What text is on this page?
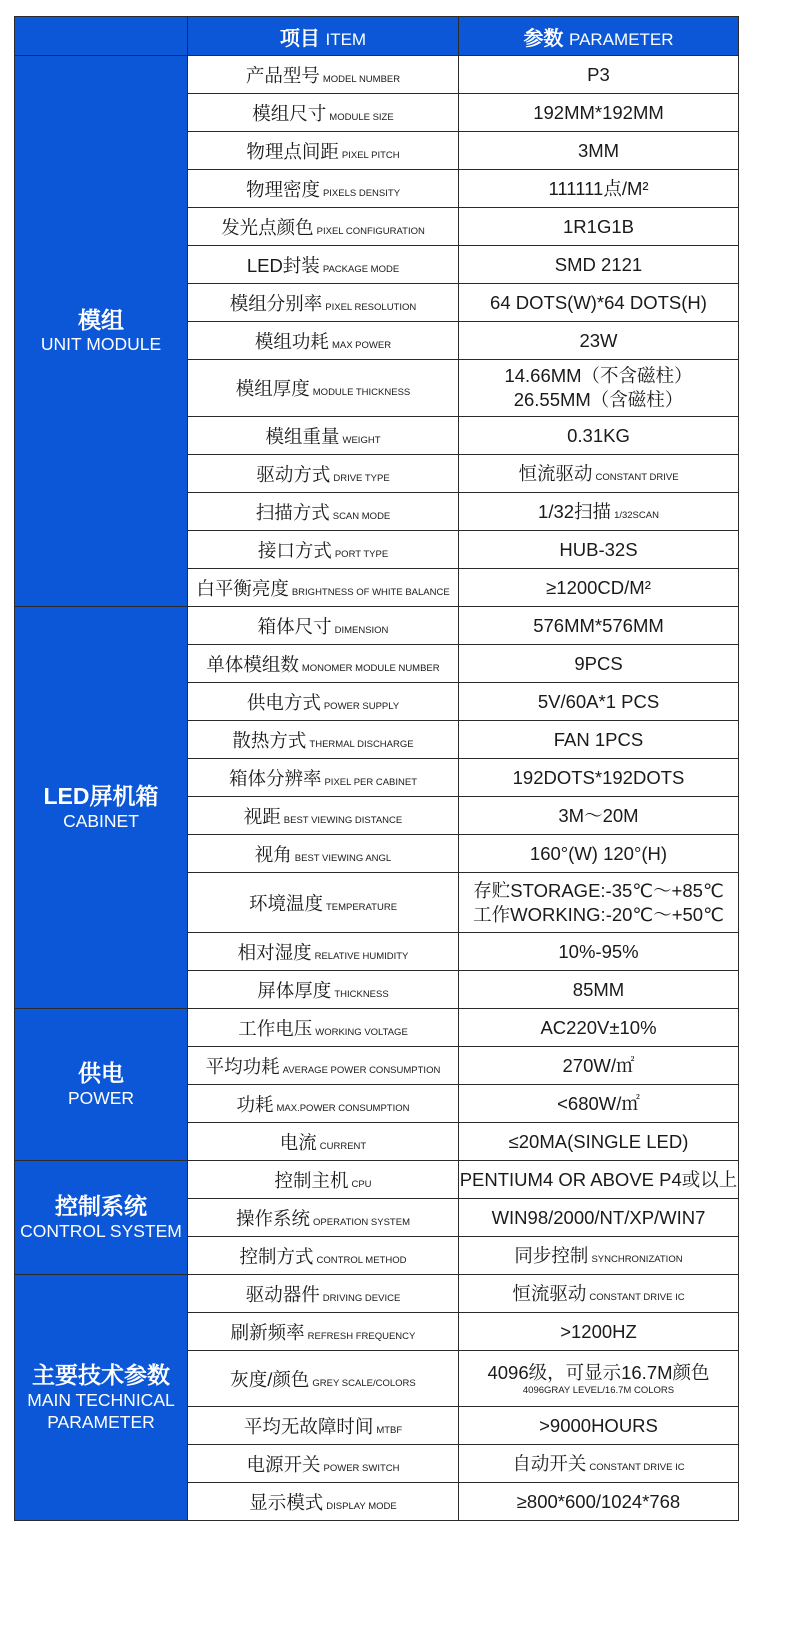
	项目 ITEM	参数 PARAMETER

模组
UNIT MODULE	产品型号 MODEL NUMBER	P3
	模组尺寸 MODULE SIZE	192MM*192MM
	物理点间距 PIXEL PITCH	3MM
	物理密度 PIXELS DENSITY	111111点/M²
	发光点颜色 PIXEL CONFIGURATION	1R1G1B
	LED封装 PACKAGE MODE	SMD 2121
	模组分别率 PIXEL RESOLUTION	64 DOTS(W)*64 DOTS(H)
	模组功耗 MAX POWER	23W
	模组厚度 MODULE THICKNESS	14.66MM（不含磁柱）
26.55MM（含磁柱）

	模组重量 WEIGHT	0.31KG
	驱动方式 DRIVE TYPE	恒流驱动 CONSTANT DRIVE
	扫描方式 SCAN MODE	1/32扫描 1/32SCAN
	接口方式 PORT TYPE	HUB-32S
	白平衡亮度 BRIGHTNESS OF WHITE BALANCE	≥1200CD/M²

LED屏机箱
CABINET	箱体尺寸 DIMENSION	576MM*576MM
	单体模组数 MONOMER MODULE NUMBER	9PCS
	供电方式 POWER SUPPLY	5V/60A*1 PCS
	散热方式 THERMAL DISCHARGE	FAN 1PCS
	箱体分辨率 PIXEL PER CABINET	192DOTS*192DOTS
	视距 BEST VIEWING DISTANCE	3M～20M
	视角 BEST VIEWING ANGL	160°(W) 120°(H)
	环境温度 TEMPERATURE	存贮STORAGE:-35℃～+85℃
工作WORKING:-20℃～+50℃

	相对湿度 RELATIVE HUMIDITY	10%-95%
	屏体厚度 THICKNESS	85MM

供电
POWER	工作电压 WORKING VOLTAGE	AC220V±10%
	平均功耗 AVERAGE POWER CONSUMPTION	270W/㎡
	功耗 MAX.POWER CONSUMPTION	<680W/㎡
	电流 CURRENT	≤20MA(SINGLE LED)

控制系统
CONTROL SYSTEM	控制主机 CPU	PENTIUM4 OR ABOVE P4或以上
	操作系统 OPERATION SYSTEM	WIN98/2000/NT/XP/WIN7
	控制方式 CONTROL METHOD	同步控制 SYNCHRONIZATION

主要技术参数
MAIN TECHNICAL
PARAMETER	驱动器件 DRIVING DEVICE	恒流驱动 CONSTANT DRIVE IC
	刷新频率 REFRESH FREQUENCY	>1200HZ
	灰度/颜色 GREY SCALE/COLORS	4096级，可显示16.7M颜色
4096GRAY LEVEL/16.7M COLORS

	平均无故障时间 MTBF	>9000HOURS
	电源开关 POWER SWITCH	自动开关 CONSTANT DRIVE IC
	显示模式 DISPLAY MODE	≥800*600/1024*768
